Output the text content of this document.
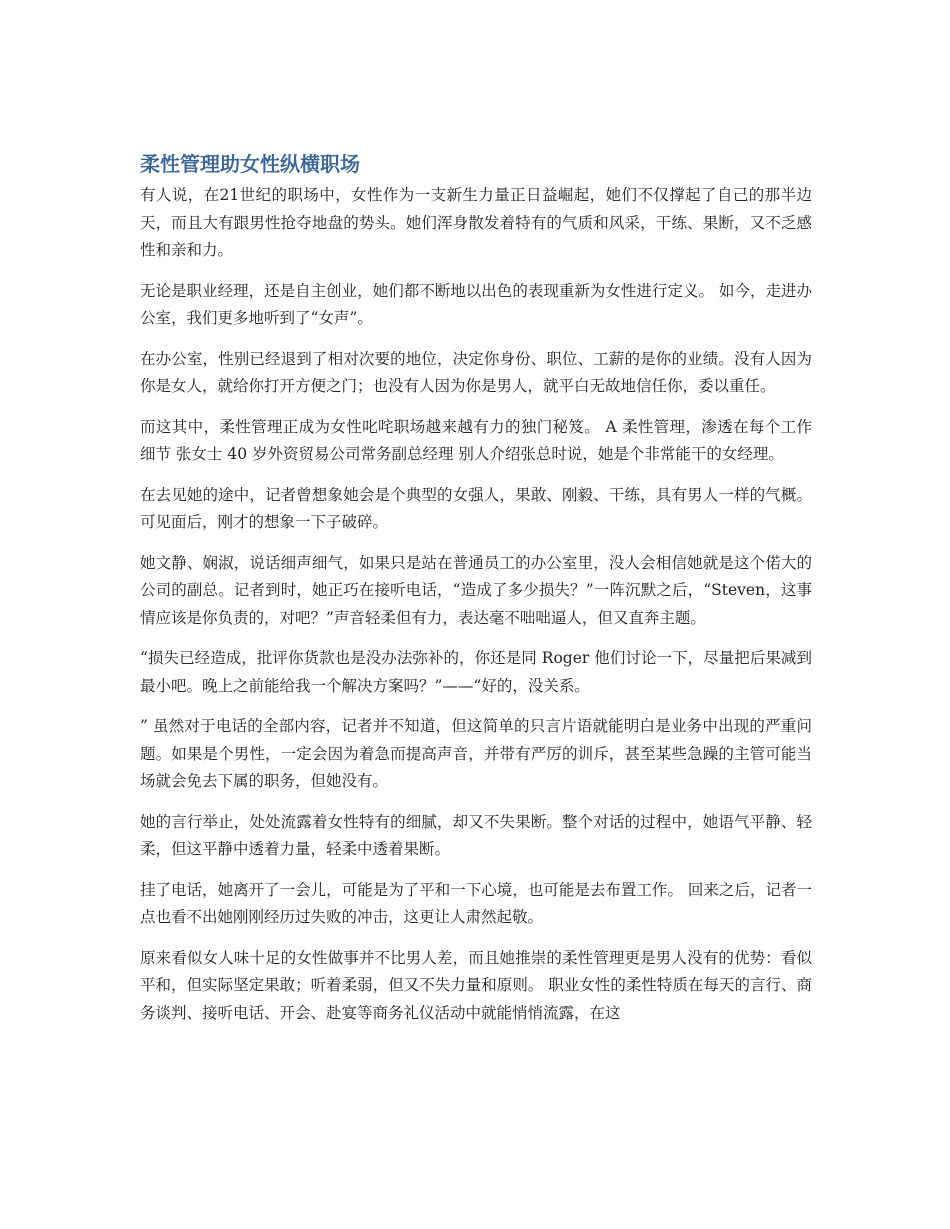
柔性管理助女性纵横职场

有人说，在21世纪的职场中，女性作为一支新生力量正日益崛起，她们不仅撑起了自己的那半边天，而且大有跟男性抢夺地盘的势头。她们浑身散发着特有的气质和风采，干练、果断，又不乏感性和亲和力。

无论是职业经理，还是自主创业，她们都不断地以出色的表现重新为女性进行定义。 如今，走进办公室，我们更多地听到了“女声”。

在办公室，性别已经退到了相对次要的地位，决定你身份、职位、工薪的是你的业绩。没有人因为你是女人，就给你打开方便之门；也没有人因为你是男人，就平白无故地信任你，委以重任。

而这其中，柔性管理正成为女性叱咤职场越来越有力的独门秘笈。 A 柔性管理，渗透在每个工作细节 张女士 40 岁外资贸易公司常务副总经理 别人介绍张总时说，她是个非常能干的女经理。

在去见她的途中，记者曾想象她会是个典型的女强人，果敢、刚毅、干练，具有男人一样的气概。可见面后，刚才的想象一下子破碎。

她文静、娴淑，说话细声细气，如果只是站在普通员工的办公室里，没人会相信她就是这个偌大的公司的副总。记者到时，她正巧在接听电话，“造成了多少损失？”一阵沉默之后，“Steven，这事情应该是你负责的，对吧？”声音轻柔但有力，表达毫不咄咄逼人，但又直奔主题。

“损失已经造成，批评你货款也是没办法弥补的，你还是同 Roger 他们讨论一下，尽量把后果减到最小吧。晚上之前能给我一个解决方案吗？”——“好的，没关系。

” 虽然对于电话的全部内容，记者并不知道，但这简单的只言片语就能明白是业务中出现的严重问题。如果是个男性，一定会因为着急而提高声音，并带有严厉的训斥，甚至某些急躁的主管可能当场就会免去下属的职务，但她没有。

她的言行举止，处处流露着女性特有的细腻，却又不失果断。整个对话的过程中，她语气平静、轻柔，但这平静中透着力量，轻柔中透着果断。

挂了电话，她离开了一会儿，可能是为了平和一下心境，也可能是去布置工作。 回来之后，记者一点也看不出她刚刚经历过失败的冲击，这更让人肃然起敬。

原来看似女人味十足的女性做事并不比男人差，而且她推崇的柔性管理更是男人没有的优势：看似平和，但实际坚定果敢；听着柔弱，但又不失力量和原则。 职业女性的柔性特质在每天的言行、商务谈判、接听电话、开会、赴宴等商务礼仪活动中就能悄悄流露，在这
